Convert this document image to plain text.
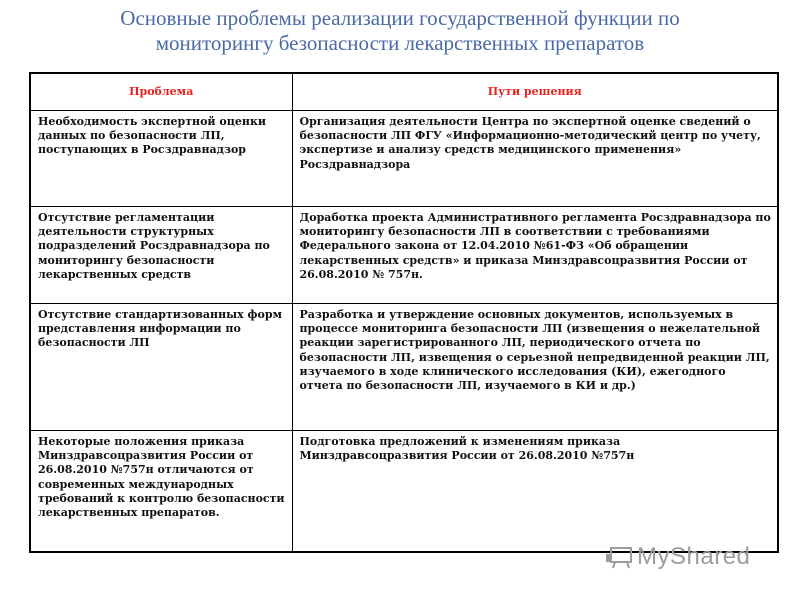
Основные проблемы реализации государственной функции по
мониторингу безопасности лекарственных препаратов
Проблема	Пути решения
Необходимость экспертной оценки данных по безопасности ЛП, поступающих в Росздравнадзор	Организация деятельности Центра по экспертной оценке сведений о безопасности ЛП ФГУ «Информационно-методический центр по учету, экспертизе и анализу средств медицинского применения» Росздравнадзора
Отсутствие регламентации деятельности структурных подразделений Росздравнадзора по мониторингу безопасности лекарственных средств	Доработка проекта Административного регламента Росздравнадзора по мониторингу безопасности ЛП в соответствии с требованиями Федерального закона от 12.04.2010 №61-ФЗ «Об обращении лекарственных средств» и приказа Минздравсоцразвития России от 26.08.2010 № 757н.
Отсутствие стандартизованных форм представления информации по безопасности ЛП	Разработка и утверждение основных документов, используемых в процессе мониторинга безопасности ЛП (извещения о нежелательной реакции зарегистрированного ЛП, периодического отчета по безопасности ЛП, извещения о серьезной непредвиденной реакции ЛП, изучаемого в ходе клинического исследования (КИ), ежегодного отчета по безопасности ЛП, изучаемого в КИ и др.)
Некоторые положения приказа Минздравсоцразвития России от 26.08.2010 №757н отличаются от современных международных требований к контролю безопасности лекарственных препаратов.	Подготовка предложений к изменениям приказа Минздравсоцразвития России от 26.08.2010 №757н
MyShared
